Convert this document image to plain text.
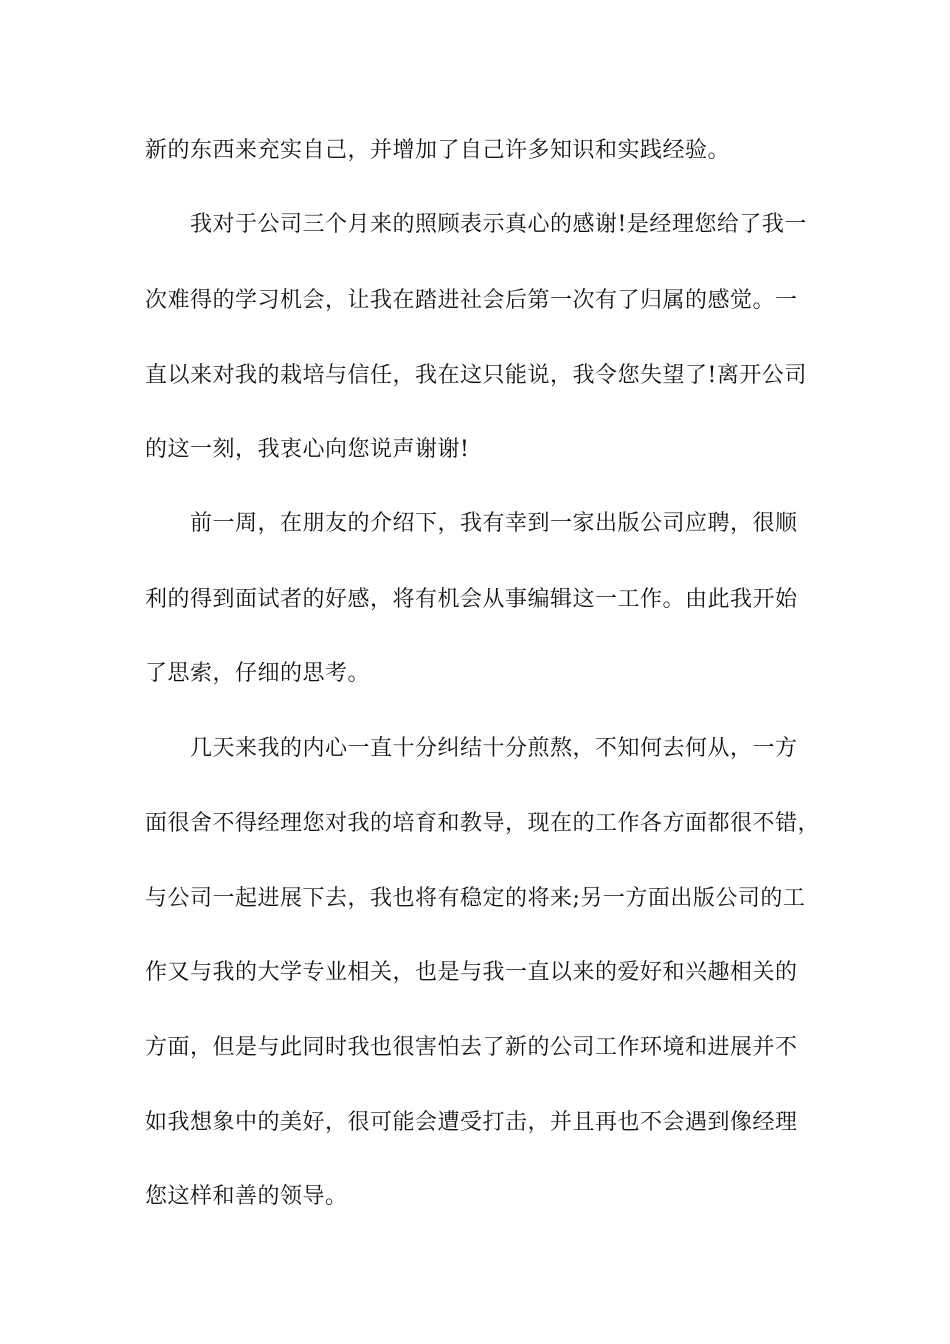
新的东西来充实自己，并增加了自己许多知识和实践经验。

我对于公司三个月来的照顾表示真心的感谢!是经理您给了我一

次难得的学习机会，让我在踏进社会后第一次有了归属的感觉。一

直以来对我的栽培与信任，我在这只能说，我令您失望了!离开公司

的这一刻，我衷心向您说声谢谢!

前一周，在朋友的介绍下，我有幸到一家出版公司应聘，很顺

利的得到面试者的好感，将有机会从事编辑这一工作。由此我开始

了思索，仔细的思考。

几天来我的内心一直十分纠结十分煎熬，不知何去何从，一方

面很舍不得经理您对我的培育和教导，现在的工作各方面都很不错，

与公司一起进展下去，我也将有稳定的将来;另一方面出版公司的工

作又与我的大学专业相关，也是与我一直以来的爱好和兴趣相关的

方面，但是与此同时我也很害怕去了新的公司工作环境和进展并不

如我想象中的美好，很可能会遭受打击，并且再也不会遇到像经理

您这样和善的领导。
